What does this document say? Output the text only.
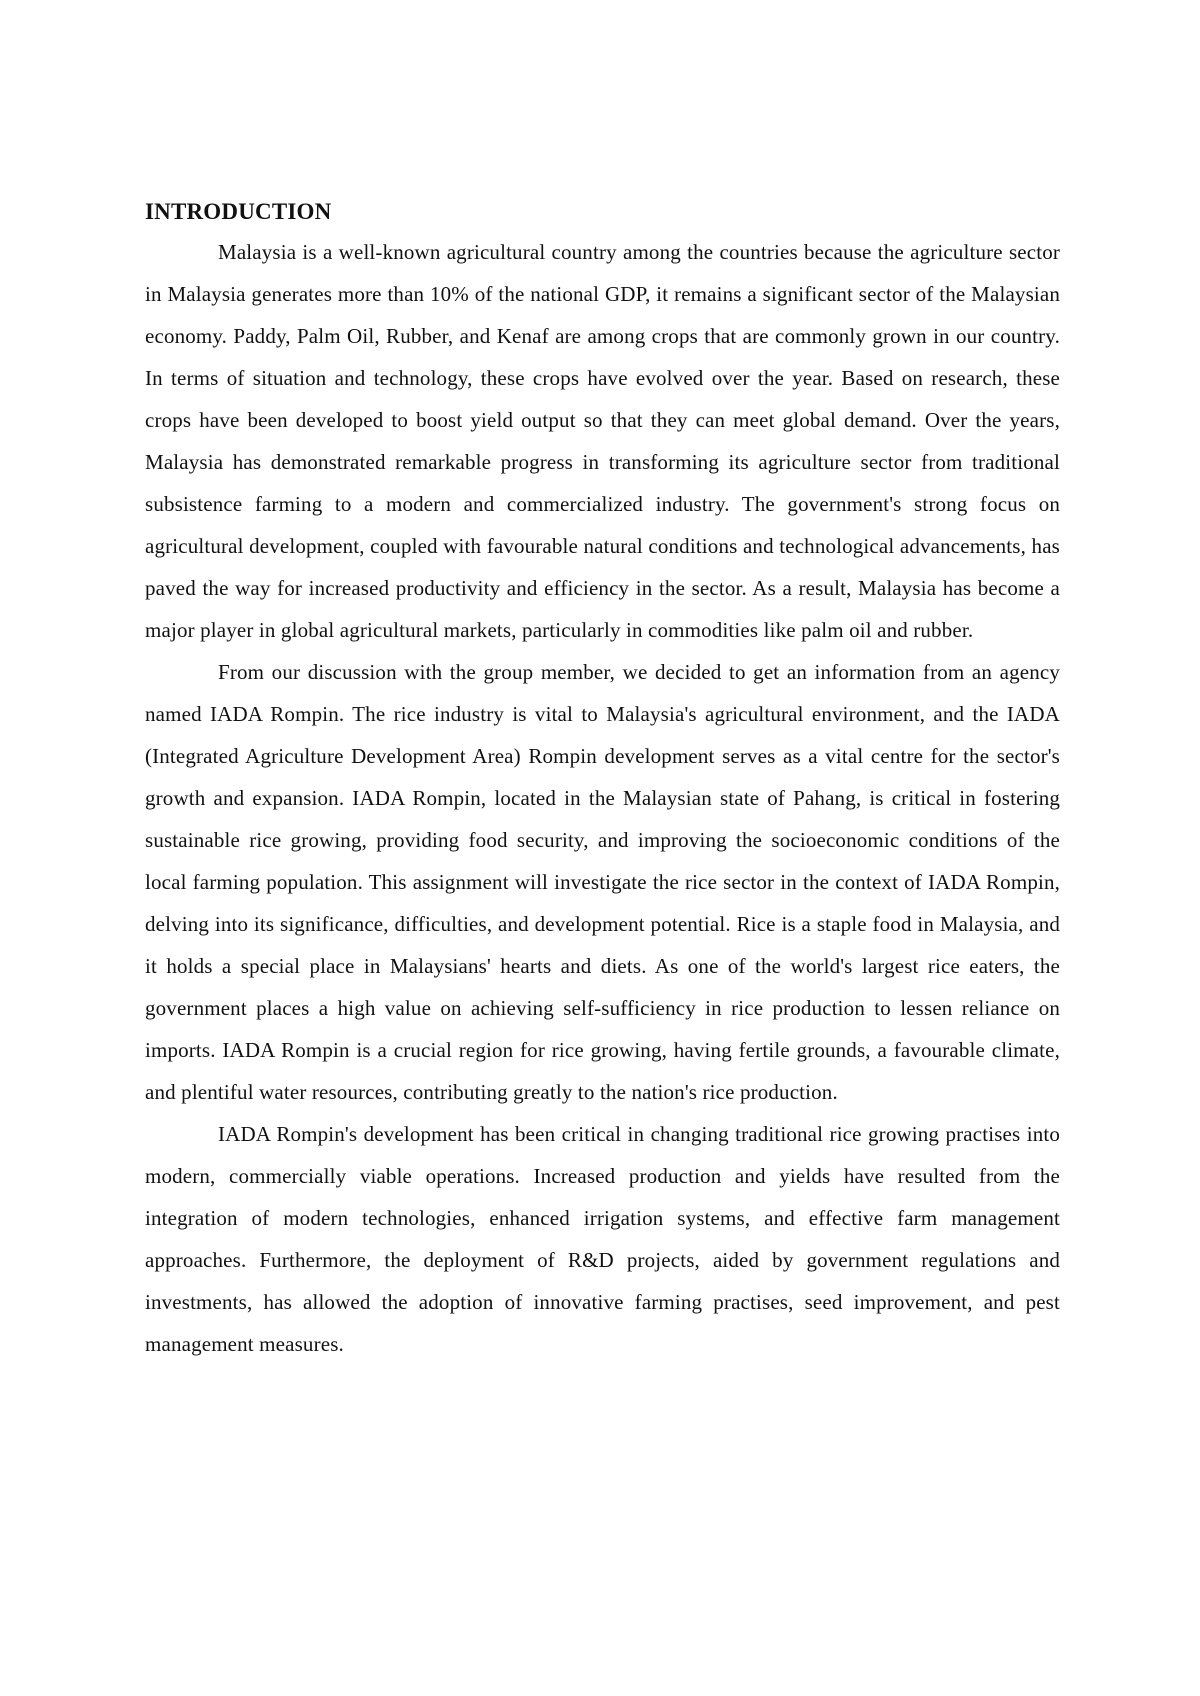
INTRODUCTION

Malaysia is a well-known agricultural country among the countries because the agriculture sector in Malaysia generates more than 10% of the national GDP, it remains a significant sector of the Malaysian economy. Paddy, Palm Oil, Rubber, and Kenaf are among crops that are commonly grown in our country. In terms of situation and technology, these crops have evolved over the year. Based on research, these crops have been developed to boost yield output so that they can meet global demand. Over the years, Malaysia has demonstrated remarkable progress in transforming its agriculture sector from traditional subsistence farming to a modern and commercialized industry. The government's strong focus on agricultural development, coupled with favourable natural conditions and technological advancements, has paved the way for increased productivity and efficiency in the sector. As a result, Malaysia has become a major player in global agricultural markets, particularly in commodities like palm oil and rubber.

From our discussion with the group member, we decided to get an information from an agency named IADA Rompin. The rice industry is vital to Malaysia's agricultural environment, and the IADA (Integrated Agriculture Development Area) Rompin development serves as a vital centre for the sector's growth and expansion. IADA Rompin, located in the Malaysian state of Pahang, is critical in fostering sustainable rice growing, providing food security, and improving the socioeconomic conditions of the local farming population. This assignment will investigate the rice sector in the context of IADA Rompin, delving into its significance, difficulties, and development potential. Rice is a staple food in Malaysia, and it holds a special place in Malaysians' hearts and diets. As one of the world's largest rice eaters, the government places a high value on achieving self-sufficiency in rice production to lessen reliance on imports. IADA Rompin is a crucial region for rice growing, having fertile grounds, a favourable climate, and plentiful water resources, contributing greatly to the nation's rice production.

IADA Rompin's development has been critical in changing traditional rice growing practises into modern, commercially viable operations. Increased production and yields have resulted from the integration of modern technologies, enhanced irrigation systems, and effective farm management approaches. Furthermore, the deployment of R&D projects, aided by government regulations and investments, has allowed the adoption of innovative farming practises, seed improvement, and pest management measures.
